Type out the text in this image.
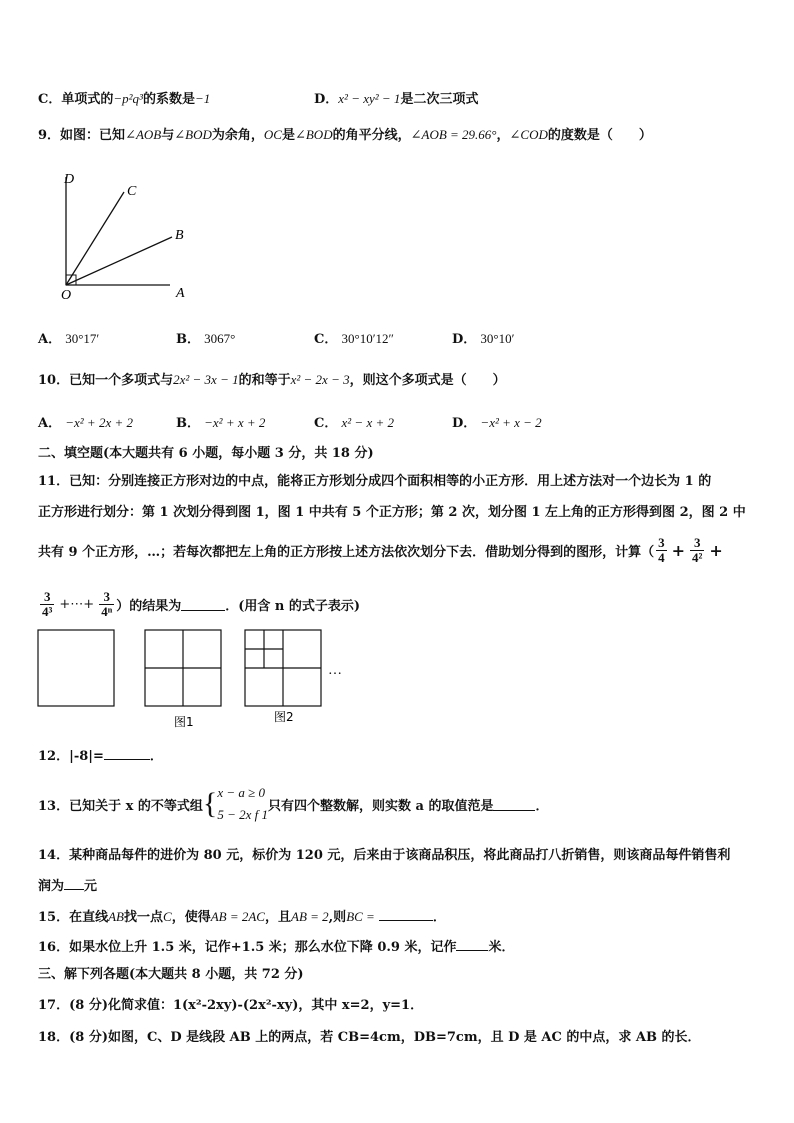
C．单项式的−p²q³的系数是−1	D．x² − xy² − 1是二次三项式
9．如图：已知∠AOB与∠BOD为余角，OC是∠BOD的角平分线，∠AOB = 29.66°，∠COD的度数是（　　）
D
C
B
O	A
A． 30°17′	B． 3067°	C． 30°10′12″	D． 30°10′
10．已知一个多项式与2x² − 3x − 1的和等于x² − 2x − 3，则这个多项式是（　　）
A． −x² + 2x + 2	B． −x² + x + 2	C． x² − x + 2	D． −x² + x − 2
二、填空题(本大题共有 6 小题，每小题 3 分，共 18 分)
11．已知：分别连接正方形对边的中点，能将正方形划分成四个面积相等的小正方形．用上述方法对一个边长为 1 的
正方形进行划分：第 1 次划分得到图 1，图 1 中共有 5 个正方形；第 2 次，划分图 1 左上角的正方形得到图 2，图 2 中
共有 9 个正方形，…；若每次都把左上角的正方形按上述方法依次划分下去．借助划分得到的图形，计算（ $\frac{3}{4} + \frac{3}{\text{4²}}$ +
$\frac{3}{\text{4³}}$ +⋯+ $\frac{3}{\text{4ⁿ}}$ ）的结果为	．(用含 n 的式子表示)
…
图1	图2
12．|-8|=	．
13． 已知关于 x 的不等式组 { x − a ≥ 0
5 − 2x f 1
只有四个整数解，则实数 a 的取值范是	．
14．某种商品每件的进价为 80 元，标价为 120 元，后来由于该商品积压，将此商品打八折销售，则该商品每件销售利
润为 元
15．在直线AB找一点C，使得AB = 2AC，且AB = 2,则BC =	．
16．如果水位上升 1.5 米，记作+1.5 米；那么水位下降 0.9 米，记作 米．
三、解下列各题(本大题共 8 小题，共 72 分)
17．(8 分)化简求值：1(x²-2xy)-(2x²-xy)，其中 x=2，y=1．
18．(8 分)如图，C、D 是线段 AB 上的两点，若 CB=4cm，DB=7cm，且 D 是 AC 的中点，求 AB 的长．
